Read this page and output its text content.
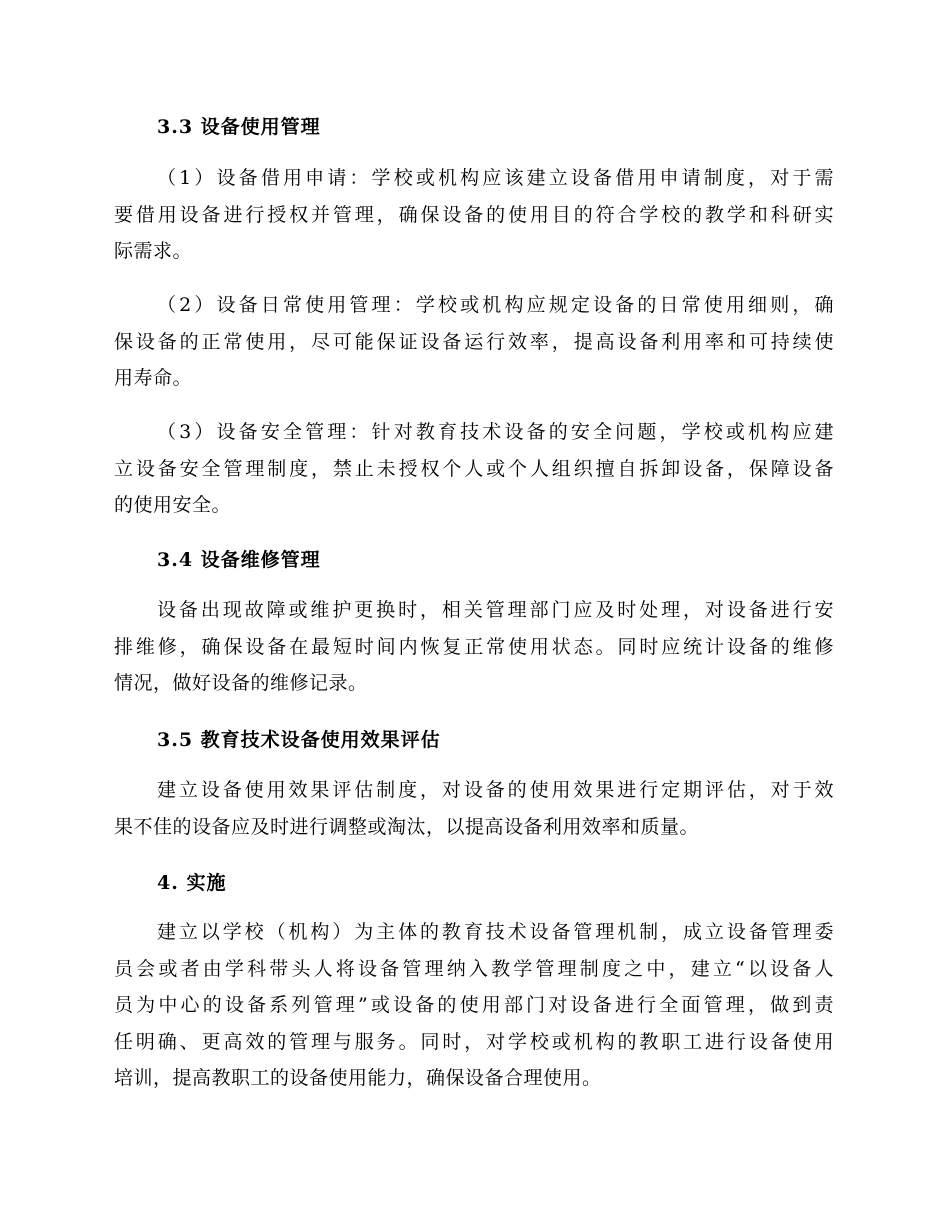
3.3 设备使用管理
（1）设备借用申请：学校或机构应该建立设备借用申请制度，对于需
要借用设备进行授权并管理，确保设备的使用目的符合学校的教学和科研实
际需求。
（2）设备日常使用管理：学校或机构应规定设备的日常使用细则，确
保设备的正常使用，尽可能保证设备运行效率，提高设备利用率和可持续使
用寿命。
（3）设备安全管理：针对教育技术设备的安全问题，学校或机构应建
立设备安全管理制度，禁止未授权个人或个人组织擅自拆卸设备，保障设备
的使用安全。
3.4 设备维修管理
设备出现故障或维护更换时，相关管理部门应及时处理，对设备进行安
排维修，确保设备在最短时间内恢复正常使用状态。同时应统计设备的维修
情况，做好设备的维修记录。
3.5 教育技术设备使用效果评估
建立设备使用效果评估制度，对设备的使用效果进行定期评估，对于效
果不佳的设备应及时进行调整或淘汰，以提高设备利用效率和质量。
4. 实施
建立以学校（机构）为主体的教育技术设备管理机制，成立设备管理委
员会或者由学科带头人将设备管理纳入教学管理制度之中，建立“以设备人
员为中心的设备系列管理”或设备的使用部门对设备进行全面管理，做到责
任明确、更高效的管理与服务。同时，对学校或机构的教职工进行设备使用
培训，提高教职工的设备使用能力，确保设备合理使用。
